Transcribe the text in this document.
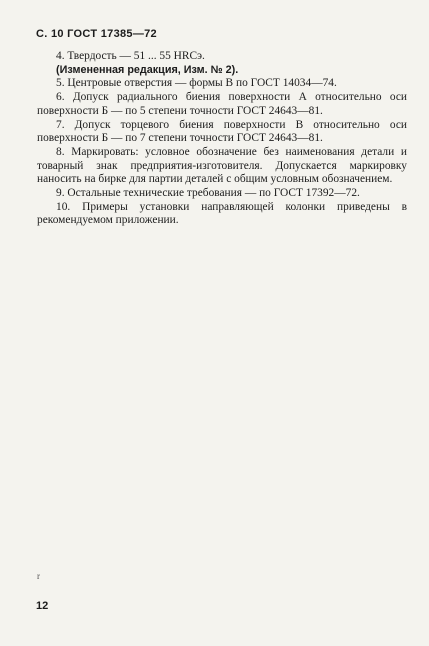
С. 10 ГОСТ 17385—72
4. Твердость — 51 ... 55 HRCэ.
(Измененная редакция, Изм. № 2).
5. Центровые отверстия — формы В по ГОСТ 14034—74.
6. Допуск радиального биения поверхности А относительно оси поверхности Б — по 5 степени точности ГОСТ 24643—81.
7. Допуск торцевого биения поверхности В относительно оси поверхности Б — по 7 степени точности ГОСТ 24643—81.
8. Маркировать: условное обозначение без наименования детали и товарный знак предприятия-изготовителя. Допускается маркировку наносить на бирке для партии деталей с общим условным обозначением.
9. Остальные технические требования — по ГОСТ 17392—72.
10. Примеры установки направляющей колонки приведены в рекомендуемом приложении.
r
12
